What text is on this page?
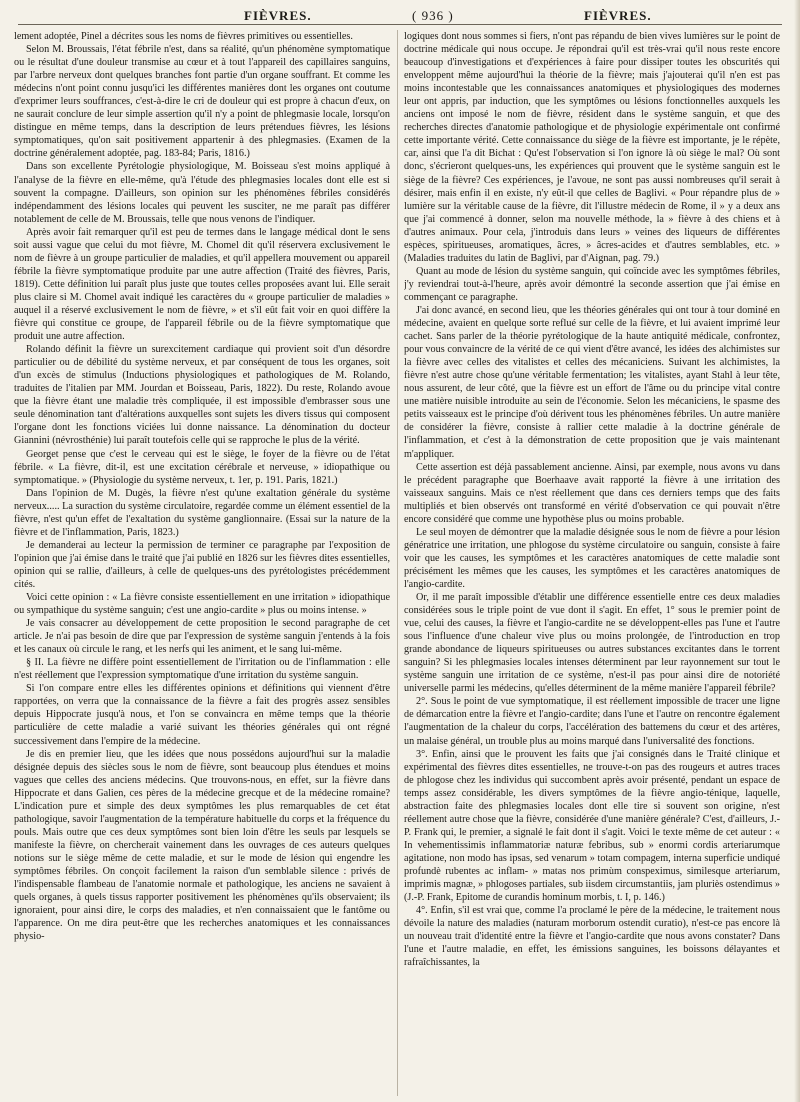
FIÈVRES.	( 936 )	FIÈVRES.

lement adoptée, Pinel a décrites sous les noms de fièvres primitives ou essentielles.

Selon M. Broussais, l'état fébrile n'est, dans sa réalité, qu'un phénomène symptomatique ou le résultat d'une douleur transmise au cœur et à tout l'appareil des capillaires sanguins, par l'arbre nerveux dont quelques branches font partie d'un organe souffrant. Et comme les médecins n'ont point connu jusqu'ici les différentes manières dont les organes ont coutume d'exprimer leurs souffrances, c'est-à-dire le cri de douleur qui est propre à chacun d'eux, on ne saurait conclure de leur simple assertion qu'il n'y a point de phlegmasie locale, lorsqu'on distingue en même temps, dans la description de leurs prétendues fièvres, les lésions symptomatiques, qu'on sait positivement appartenir à des phlegmasies. (Examen de la doctrine généralement adoptée, pag. 183-84; Paris, 1816.)

Dans son excellente Pyrétologie physiologique, M. Boisseau s'est moins appliqué à l'analyse de la fièvre en elle-même, qu'à l'étude des phlegmasies locales dont elle est si souvent la compagne. D'ailleurs, son opinion sur les phénomènes fébriles considérés indépendamment des lésions locales qui peuvent les susciter, ne me paraît pas différer notablement de celle de M. Broussais, telle que nous venons de l'indiquer.

Après avoir fait remarquer qu'il est peu de termes dans le langage médical dont le sens soit aussi vague que celui du mot fièvre, M. Chomel dit qu'il réservera exclusivement le nom de fièvre à un groupe particulier de maladies, et qu'il appellera mouvement ou appareil fébrile la fièvre symptomatique produite par une autre affection (Traité des fièvres, Paris, 1819). Cette définition lui paraît plus juste que toutes celles proposées avant lui. Elle serait plus claire si M. Chomel avait indiqué les caractères du « groupe particulier de maladies » auquel il a réservé exclusivement le nom de fièvre, » et s'il eût fait voir en quoi diffère la fièvre qui constitue ce groupe, de l'appareil fébrile ou de la fièvre symptomatique que produit une autre affection.

Rolando définit la fièvre un surexcitement cardiaque qui provient soit d'un désordre particulier ou de débilité du système nerveux, et par conséquent de tous les organes, soit d'un excès de stimulus (Inductions physiologiques et pathologiques de M. Rolando, traduites de l'italien par MM. Jourdan et Boisseau, Paris, 1822). Du reste, Rolando avoue que la fièvre étant une maladie très compliquée, il est impossible d'embrasser sous une seule dénomination tant d'altérations auxquelles sont sujets les divers tissus qui composent l'organe dont les fonctions viciées lui donne naissance. La dénomination du docteur Giannini (névrosthénie) lui paraît toutefois celle qui se rapproche le plus de la vérité.

Georget pense que c'est le cerveau qui est le siège, le foyer de la fièvre ou de l'état fébrile. « La fièvre, dit-il, est une excitation cérébrale et nerveuse, » idiopathique ou symptomatique. » (Physiologie du système nerveux, t. 1er, p. 191. Paris, 1821.)

Dans l'opinion de M. Dugès, la fièvre n'est qu'une exaltation générale du système nerveux..... La suraction du système circulatoire, regardée comme un élément essentiel de la fièvre, n'est qu'un effet de l'exaltation du système ganglionnaire. (Essai sur la nature de la fièvre et de l'inflammation, Paris, 1823.)

Je demanderai au lecteur la permission de terminer ce paragraphe par l'exposition de l'opinion que j'ai émise dans le traité que j'ai publié en 1826 sur les fièvres dites essentielles, opinion qui se rallie, d'ailleurs, à celle de quelques-uns des pyrétologistes précédemment cités.

Voici cette opinion : « La fièvre consiste essentiellement en une irritation » idiopathique ou sympathique du système sanguin; c'est une angio-cardite » plus ou moins intense. »

Je vais consacrer au développement de cette proposition le second paragraphe de cet article. Je n'ai pas besoin de dire que par l'expression de système sanguin j'entends à la fois et les canaux où circule le rang, et les nerfs qui les animent, et le sang lui-même.

§ II. La fièvre ne diffère point essentiellement de l'irritation ou de l'inflammation : elle n'est réellement que l'expression symptomatique d'une irritation du système sanguin.

Si l'on compare entre elles les différentes opinions et définitions qui viennent d'être rapportées, on verra que la connaissance de la fièvre a fait des progrès assez sensibles depuis Hippocrate jusqu'à nous, et l'on se convaincra en même temps que la théorie particulière de cette maladie a varié suivant les théories générales qui ont régné successivement dans l'empire de la médecine.

Je dis en premier lieu, que les idées que nous possédons aujourd'hui sur la maladie désignée depuis des siècles sous le nom de fièvre, sont beaucoup plus étendues et moins vagues que celles des anciens médecins. Que trouvons-nous, en effet, sur la fièvre dans Hippocrate et dans Galien, ces pères de la médecine grecque et de la médecine romaine? L'indication pure et simple des deux symptômes les plus remarquables de cet état pathologique, savoir l'augmentation de la température habituelle du corps et la fréquence du pouls. Mais outre que ces deux symptômes sont bien loin d'être les seuls par lesquels se manifeste la fièvre, on chercherait vainement dans les ouvrages de ces auteurs quelques notions sur le siège même de cette maladie, et sur le mode de lésion qui engendre les symptômes fébriles. On conçoit facilement la raison d'un semblable silence : privés de l'indispensable flambeau de l'anatomie normale et pathologique, les anciens ne savaient à quels organes, à quels tissus rapporter positivement les phénomènes qu'ils observaient; ils ignoraient, pour ainsi dire, le corps des maladies, et n'en connaissaient que le fantôme ou l'apparence. On me dira peut-être que les recherches anatomiques et les connaissances physio-

logiques dont nous sommes si fiers, n'ont pas répandu de bien vives lumières sur le point de doctrine médicale qui nous occupe. Je répondrai qu'il est très-vrai qu'il nous reste encore beaucoup d'investigations et d'expériences à faire pour dissiper toutes les obscurités qui enveloppent même aujourd'hui la théorie de la fièvre; mais j'ajouterai qu'il n'en est pas moins incontestable que les connaissances anatomiques et physiologiques des modernes leur ont appris, par induction, que les symptômes ou lésions fonctionnelles auxquels les anciens ont imposé le nom de fièvre, résident dans le système sanguin, et que des recherches directes d'anatomie pathologique et de physiologie expérimentale ont confirmé cette importante vérité. Cette connaissance du siège de la fièvre est importante, je le répète, car, ainsi que l'a dit Bichat : Qu'est l'observation si l'on ignore là où siège le mal? Où sont donc, s'écrieront quelques-uns, les expériences qui prouvent que le système sanguin est le siège de la fièvre? Ces expériences, je l'avoue, ne sont pas aussi nombreuses qu'il serait à désirer, mais enfin il en existe, n'y eût-il que celles de Baglivi. « Pour répandre plus de » lumière sur la véritable cause de la fièvre, dit l'illustre médecin de Rome, il » y a deux ans que j'ai commencé à donner, selon ma nouvelle méthode, la » fièvre à des chiens et à d'autres animaux. Pour cela, j'introduis dans leurs » veines des liqueurs de différentes espèces, spiritueuses, aromatiques, âcres, » âcres-acides et d'autres semblables, etc. » (Maladies traduites du latin de Baglivi, par d'Aignan, pag. 79.)

Quant au mode de lésion du système sanguin, qui coïncide avec les symptômes fébriles, j'y reviendrai tout-à-l'heure, après avoir démontré la seconde assertion que j'ai émise en commençant ce paragraphe.

J'ai donc avancé, en second lieu, que les théories générales qui ont tour à tour dominé en médecine, avaient en quelque sorte reflué sur celle de la fièvre, et lui avaient imprimé leur cachet. Sans parler de la théorie pyrétologique de la haute antiquité médicale, confrontez, pour vous convaincre de la vérité de ce qui vient d'être avancé, les idées des alchimistes sur la fièvre avec celles des vitalistes et celles des mécaniciens. Suivant les alchimistes, la fièvre n'est autre chose qu'une véritable fermentation; les vitalistes, ayant Stahl à leur tête, nous assurent, de leur côté, que la fièvre est un effort de l'âme ou du principe vital contre une matière nuisible introduite au sein de l'économie. Selon les mécaniciens, le spasme des petits vaisseaux est le principe d'où dérivent tous les phénomènes fébriles. Un autre manière de considérer la fièvre, consiste à rallier cette maladie à la doctrine générale de l'inflammation, et c'est à la démonstration de cette proposition que je vais maintenant m'appliquer.

Cette assertion est déjà passablement ancienne. Ainsi, par exemple, nous avons vu dans le précédent paragraphe que Boerhaave avait rapporté la fièvre à une irritation des vaisseaux sanguins. Mais ce n'est réellement que dans ces derniers temps que des faits multipliés et bien observés ont transformé en vérité d'observation ce qui pouvait n'être encore considéré que comme une hypothèse plus ou moins probable.

Le seul moyen de démontrer que la maladie désignée sous le nom de fièvre a pour lésion génératrice une irritation, une phlogose du système circulatoire ou sanguin, consiste à faire voir que les causes, les symptômes et les caractères anatomiques de cette maladie sont précisément les mêmes que les causes, les symptômes et les caractères anatomiques de l'angio-cardite.

Or, il me paraît impossible d'établir une différence essentielle entre ces deux maladies considérées sous le triple point de vue dont il s'agit. En effet, 1° sous le premier point de vue, celui des causes, la fièvre et l'angio-cardite ne se développent-elles pas l'une et l'autre sous l'influence d'une chaleur vive plus ou moins prolongée, de l'introduction en trop grande abondance de liqueurs spiritueuses ou autres substances excitantes dans le torrent sanguin? Si les phlegmasies locales intenses déterminent par leur rayonnement sur tout le système sanguin une irritation de ce système, n'est-il pas pour ainsi dire de notoriété universelle parmi les médecins, qu'elles déterminent de la même manière l'appareil fébrile?

2°. Sous le point de vue symptomatique, il est réellement impossible de tracer une ligne de démarcation entre la fièvre et l'angio-cardite; dans l'une et l'autre on rencontre également l'augmentation de la chaleur du corps, l'accélération des battemens du cœur et des artères, un malaise général, un trouble plus au moins marqué dans l'universalité des fonctions.

3°. Enfin, ainsi que le prouvent les faits que j'ai consignés dans le Traité clinique et expérimental des fièvres dites essentielles, ne trouve-t-on pas des rougeurs et autres traces de phlogose chez les individus qui succombent après avoir présenté, pendant un espace de temps assez considérable, les divers symptômes de la fièvre angio-ténique, laquelle, abstraction faite des phlegmasies locales dont elle tire si souvent son origine, n'est réellement autre chose que la fièvre, considérée d'une manière générale? C'est, d'ailleurs, J.-P. Frank qui, le premier, a signalé le fait dont il s'agit. Voici le texte même de cet auteur : « In vehementissimis inflammatoriæ naturæ febribus, sub » enormi cordis arteriarumque agitatione, non modo has ipsas, sed venarum » totam compagem, interna superficie undiqué profundè rubentes ac inflam- » matas nos primùm conspeximus, similesque arteriarum, imprimis magnæ, » phlogoses partiales, sub iisdem circumstantiis, jam pluriès ostendimus » (J.-P. Frank, Epitome de curandis hominum morbis, t. I, p. 146.)

4°. Enfin, s'il est vrai que, comme l'a proclamé le père de la médecine, le traitement nous dévoile la nature des maladies (naturam morborum ostendit curatio), n'est-ce pas encore là un nouveau trait d'identité entre la fièvre et l'angio-cardite que nous avons constater? Dans l'une et l'autre maladie, en effet, les émissions sanguines, les boissons délayantes et rafraîchissantes, la
